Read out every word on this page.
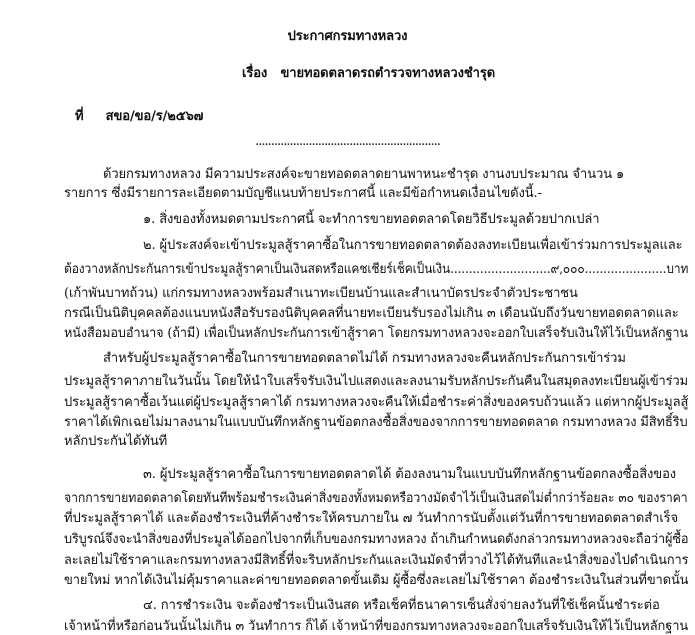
ประกาศกรมทางหลวง
เรื่อง ขายทอดตลาดรถตำรวจทางหลวงชำรุด
ที่ สขอ/ขอ/ร/๒๕๖๗
...........................................................
ด้วยกรมทางหลวง มีความประสงค์จะขายทอดตลาดยานพาหนะชำรุด งานงบประมาณ จำนวน ๑
รายการ ซึ่งมีรายการละเอียดตามบัญชีแนบท้ายประกาศนี้ และมีข้อกำหนดเงื่อนไขดังนี้.-
๑. สิ่งของทั้งหมดตามประกาศนี้ จะทำการขายทอดตลาดโดยวิธีประมูลด้วยปากเปล่า
๒. ผู้ประสงค์จะเข้าประมูลสู้ราคาซื้อในการขายทอดตลาดต้องลงทะเบียนเพื่อเข้าร่วมการประมูลและ
ต้องวางหลักประกันการเข้าประมูลสู้ราคาเป็นเงินสดหรือแคชเชียร์เช็คเป็นเงิน...........................๙,๐๐๐......................บาท
(เก้าพันบาทถ้วน) แก่กรมทางหลวงพร้อมสำเนาทะเบียนบ้านและสำเนาบัตรประจำตัวประชาชน
กรณีเป็นนิติบุคคลต้องแนบหนังสือรับรองนิติบุคคลที่นายทะเบียนรับรองไม่เกิน ๓ เดือนนับถึงวันขายทอดตลาดและ
หนังสือมอบอำนาจ (ถ้ามี) เพื่อเป็นหลักประกันการเข้าสู้ราคา โดยกรมทางหลวงจะออกใบเสร็จรับเงินให้ไว้เป็นหลักฐาน
สำหรับผู้ประมูลสู้ราคาซื้อในการขายทอดตลาดไม่ได้ กรมทางหลวงจะคืนหลักประกันการเข้าร่วม
ประมูลสู้ราคาภายในวันนั้น โดยให้นำใบเสร็จรับเงินไปแสดงและลงนามรับหลักประกันคืนในสมุดลงทะเบียนผู้เข้าร่วม
ประมูลสู้ราคาซื้อเว้นแต่ผู้ประมูลสู้ราคาได้ กรมทางหลวงจะคืนให้เมื่อชำระค่าสิ่งของครบถ้วนแล้ว แต่หากผู้ประมูลสู้
ราคาได้เพิกเฉยไม่มาลงนามในแบบบันทึกหลักฐานข้อตกลงซื้อสิ่งของจากการขายทอดตลาด กรมทางหลวง มีสิทธิ์ริบ
หลักประกันได้ทันที
๓. ผู้ประมูลสู้ราคาซื้อในการขายทอดตลาดได้ ต้องลงนามในแบบบันทึกหลักฐานข้อตกลงซื้อสิ่งของ
จากการขายทอดตลาดโดยทันทีพร้อมชำระเงินค่าสิ่งของทั้งหมดหรือวางมัดจำไว้เป็นเงินสดไม่ต่ำกว่าร้อยละ ๓๐ ของราคา
ที่ประมูลสู้ราคาได้ และต้องชำระเงินที่ค้างชำระให้ครบภายใน ๗ วันทำการนับตั้งแต่วันที่การขายทอดตลาดสำเร็จ
บริบูรณ์จึงจะนำสิ่งของที่ประมูลได้ออกไปจากที่เก็บของกรมทางหลวง ถ้าเกินกำหนดดังกล่าวกรมทางหลวงจะถือว่าผู้ซื้อ
ละเลยไม่ใช้ราคาและกรมทางหลวงมีสิทธิ์ที่จะริบหลักประกันและเงินมัดจำที่วางไว้ได้ทันทีและนำสิ่งของไปดำเนินการ
ขายใหม่ หากได้เงินไม่คุ้มราคาและค่าขายทอดตลาดขั้นเดิม ผู้ซื้อซึ่งละเลยไม่ใช้ราคา ต้องชำระเงินในส่วนที่ขาดนั้น
๔. การชำระเงิน จะต้องชำระเป็นเงินสด หรือเช็คที่ธนาคารเซ็นสั่งจ่ายลงวันที่ใช้เช็คนั้นชำระต่อ
เจ้าหน้าที่หรือก่อนวันนั้นไม่เกิน ๓ วันทำการ ก็ได้ เจ้าหน้าที่ของกรมทางหลวงจะออกใบเสร็จรับเงินให้ไว้เป็นหลักฐาน
